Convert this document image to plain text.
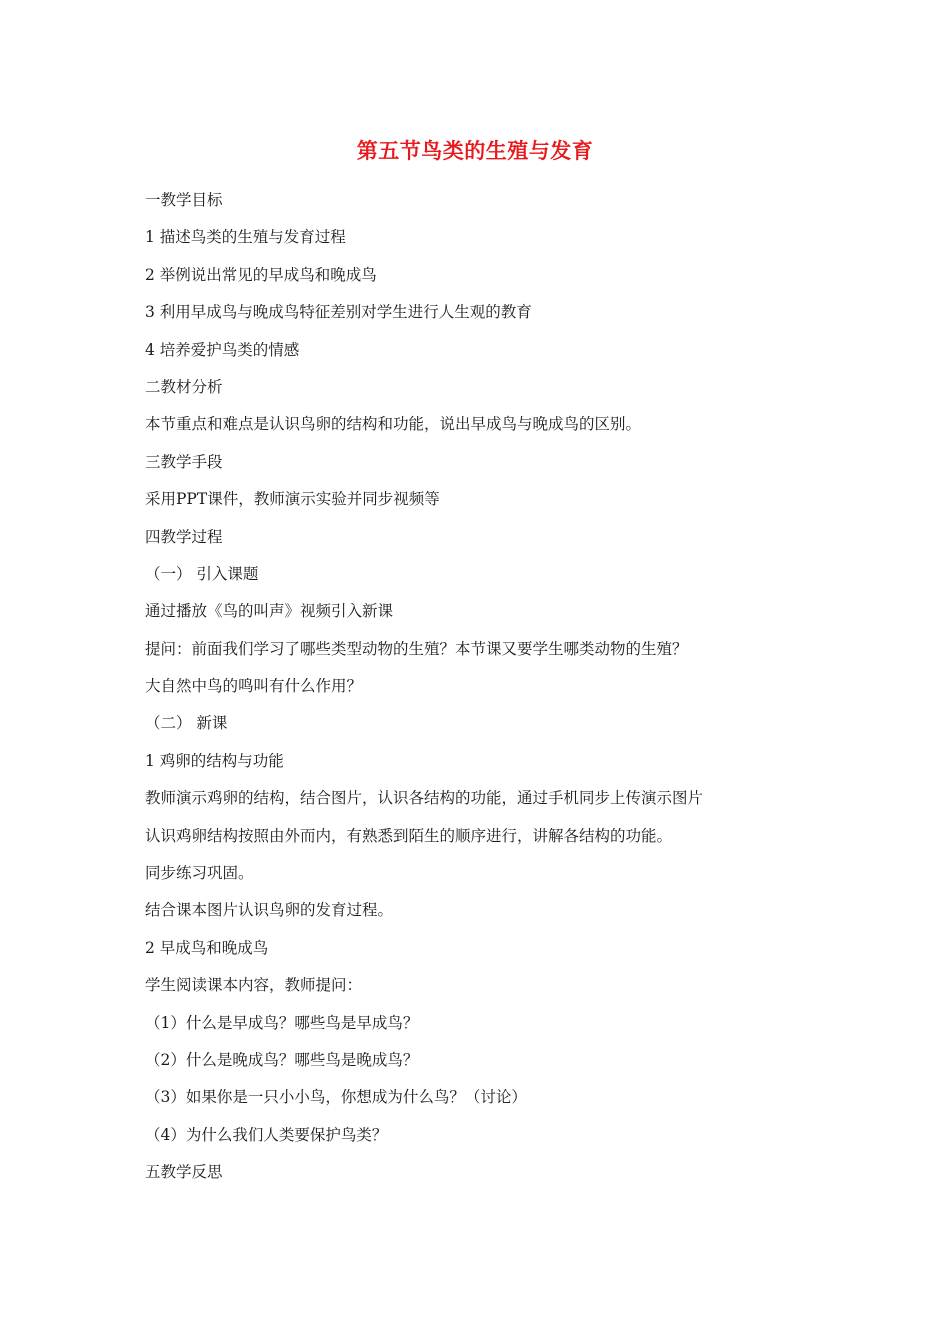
第五节鸟类的生殖与发育
一教学目标
1 描述鸟类的生殖与发育过程
2 举例说出常见的早成鸟和晚成鸟
3 利用早成鸟与晚成鸟特征差别对学生进行人生观的教育
4 培养爱护鸟类的情感
二教材分析
本节重点和难点是认识鸟卵的结构和功能，说出早成鸟与晚成鸟的区别。
三教学手段
采用PPT课件，教师演示实验并同步视频等
四教学过程
（一） 引入课题
通过播放《鸟的叫声》视频引入新课
提问：前面我们学习了哪些类型动物的生殖？本节课又要学生哪类动物的生殖？
大自然中鸟的鸣叫有什么作用？
（二） 新课
1 鸡卵的结构与功能
教师演示鸡卵的结构，结合图片，认识各结构的功能，通过手机同步上传演示图片
认识鸡卵结构按照由外而内，有熟悉到陌生的顺序进行，讲解各结构的功能。
同步练习巩固。
结合课本图片认识鸟卵的发育过程。
2 早成鸟和晚成鸟
学生阅读课本内容，教师提问：
（1）什么是早成鸟？哪些鸟是早成鸟？
（2）什么是晚成鸟？哪些鸟是晚成鸟？
（3）如果你是一只小小鸟，你想成为什么鸟？（讨论）
（4）为什么我们人类要保护鸟类？
五教学反思
